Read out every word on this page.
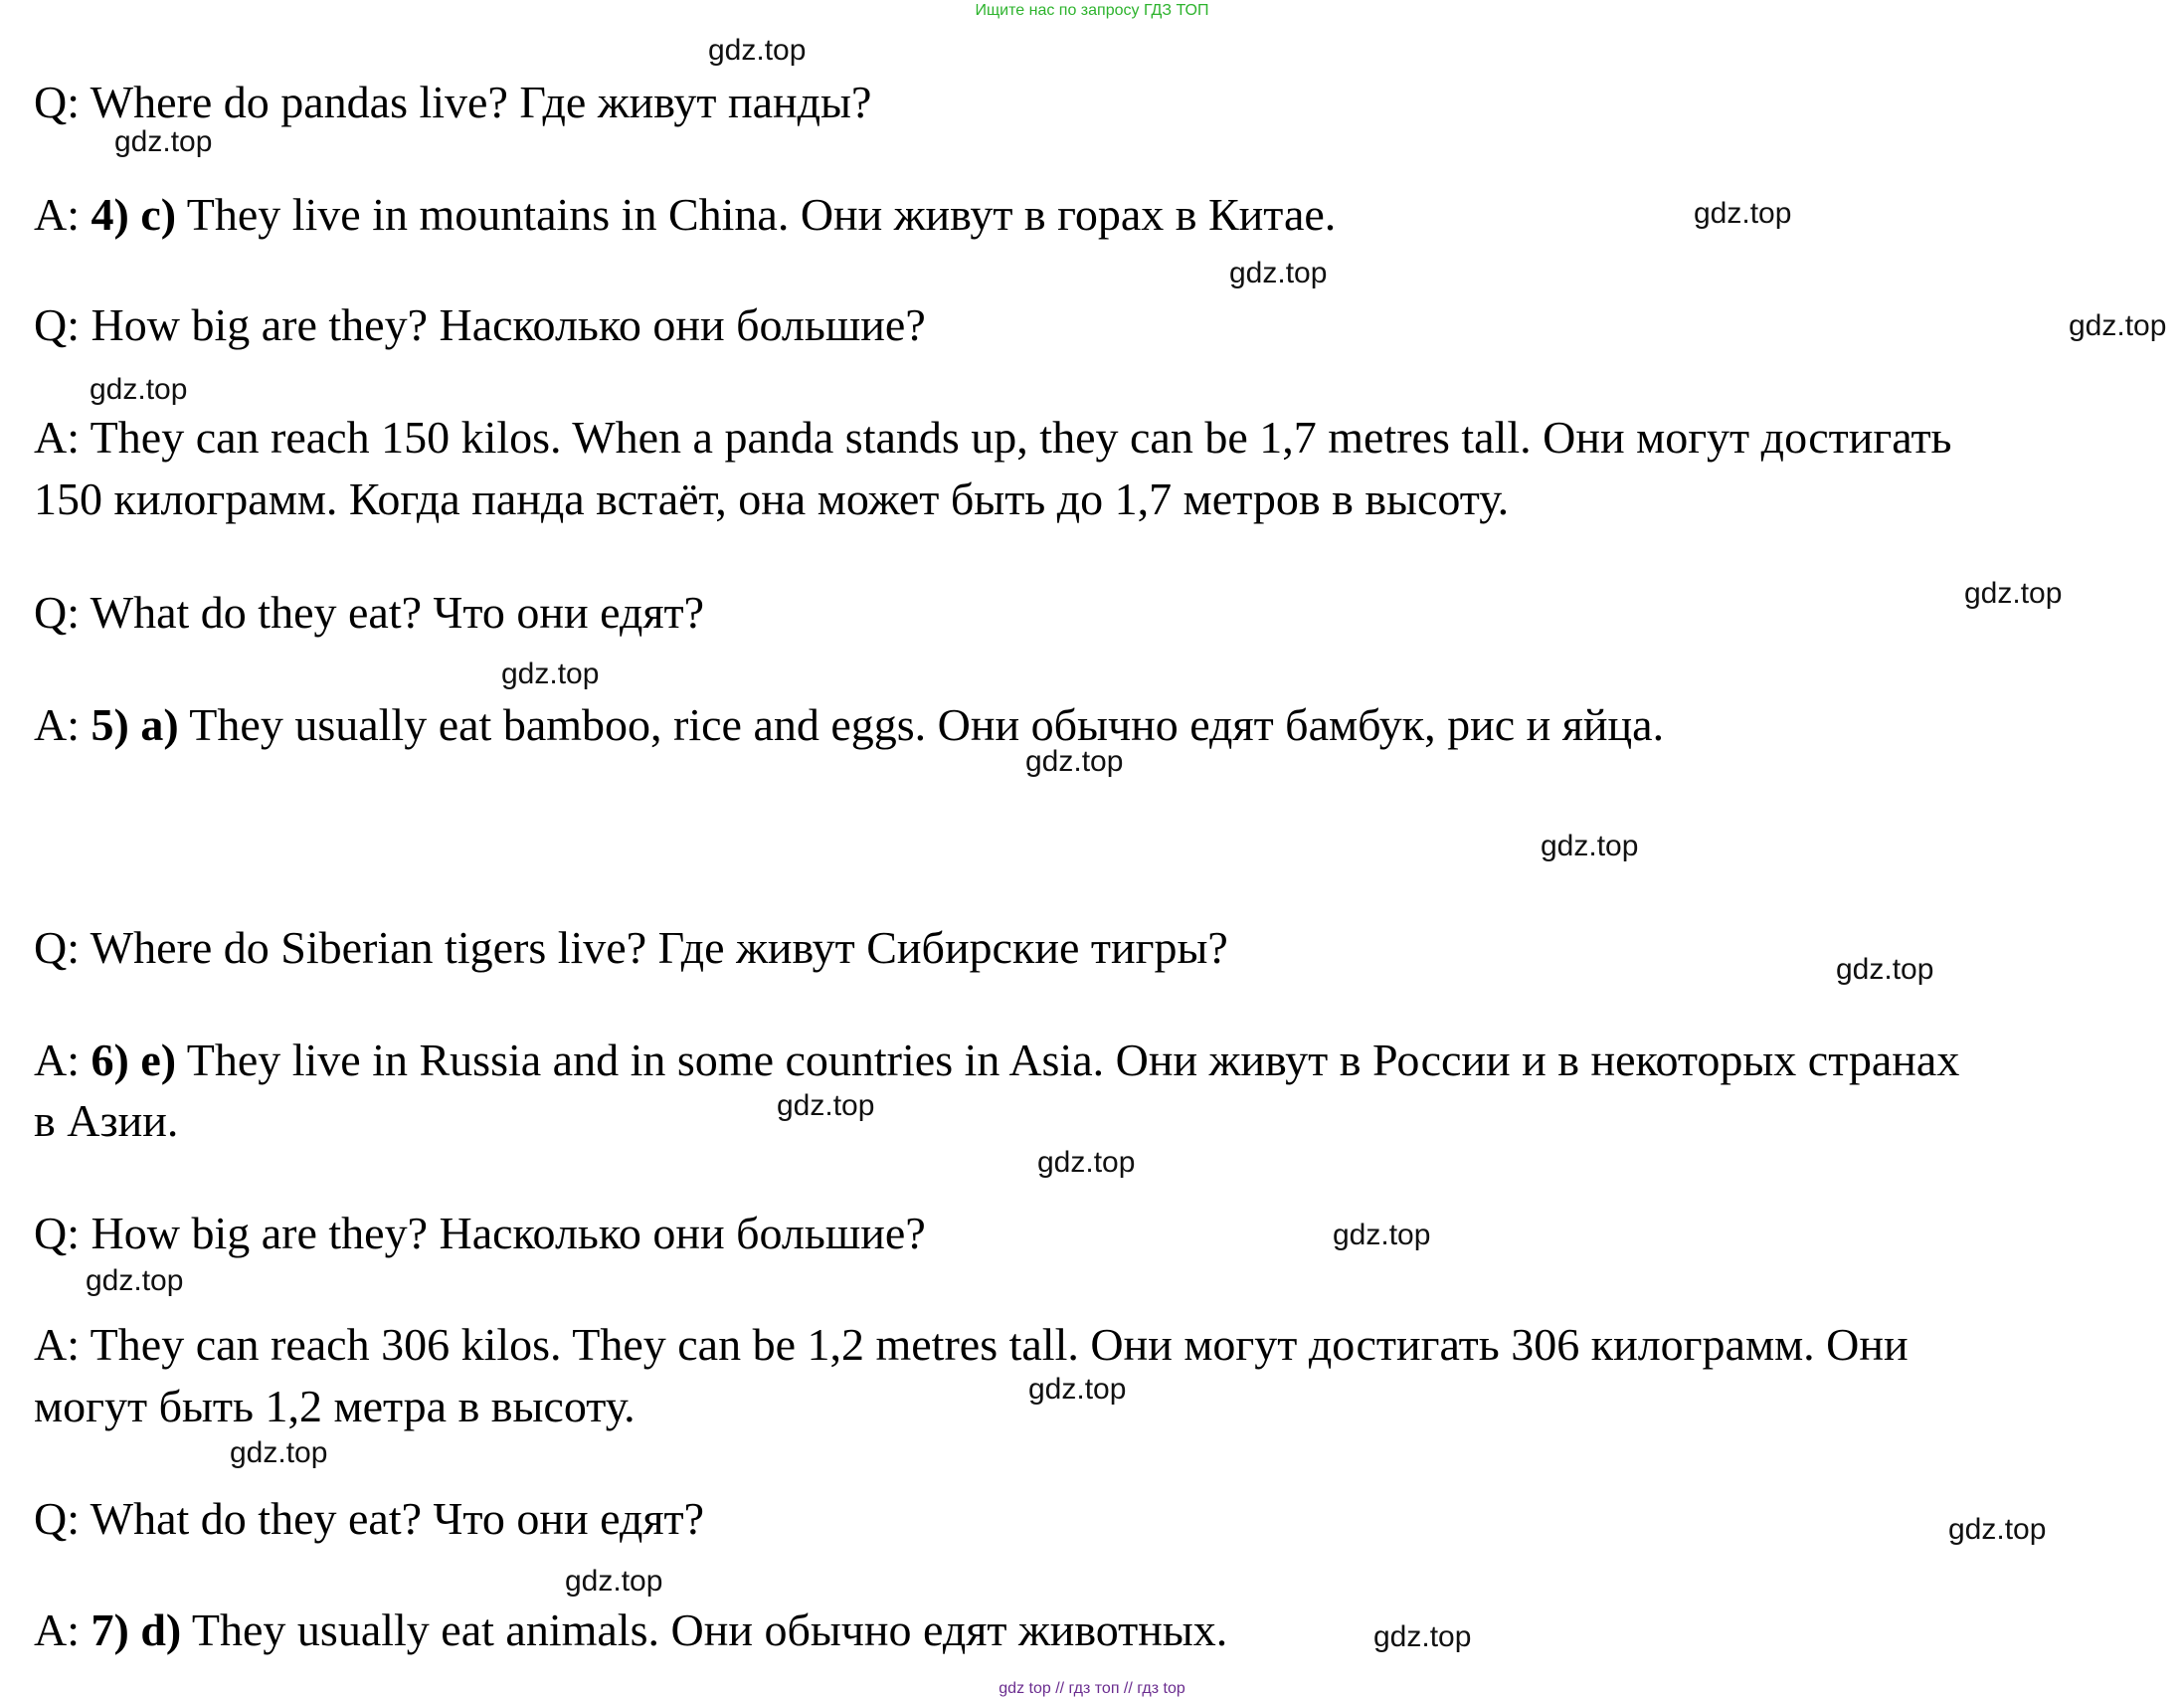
Ищите нас по запросу ГДЗ ТОП
Q: Where do pandas live? Где живут панды?
A: 4) c) They live in mountains in China. Они живут в горах в Китае.
Q: How big are they? Насколько они большие?
A: They can reach 150 kilos. When a panda stands up, they can be 1,7 metres tall. Они могут достигать
150 килограмм. Когда панда встаёт, она может быть до 1,7 метров в высоту.
Q: What do they eat? Что они едят?
A: 5) a) They usually eat bamboo, rice and eggs. Они обычно едят бамбук, рис и яйца.
Q: Where do Siberian tigers live? Где живут Сибирские тигры?
A: 6) e) They live in Russia and in some countries in Asia. Они живут в России и в некоторых странах
в Азии.
Q: How big are they? Насколько они большие?
A: They can reach 306 kilos. They can be 1,2 metres tall. Они могут достигать 306 килограмм. Они
могут быть 1,2 метра в высоту.
Q: What do they eat? Что они едят?
A: 7) d) They usually eat animals. Они обычно едят животных.
gdz.top
gdz.top
gdz.top
gdz.top
gdz.top
gdz.top
gdz.top
gdz.top
gdz.top
gdz.top
gdz.top
gdz.top
gdz.top
gdz.top
gdz.top
gdz.top
gdz.top
gdz.top
gdz.top
gdz.top
gdz top // гдз топ // гдз top
